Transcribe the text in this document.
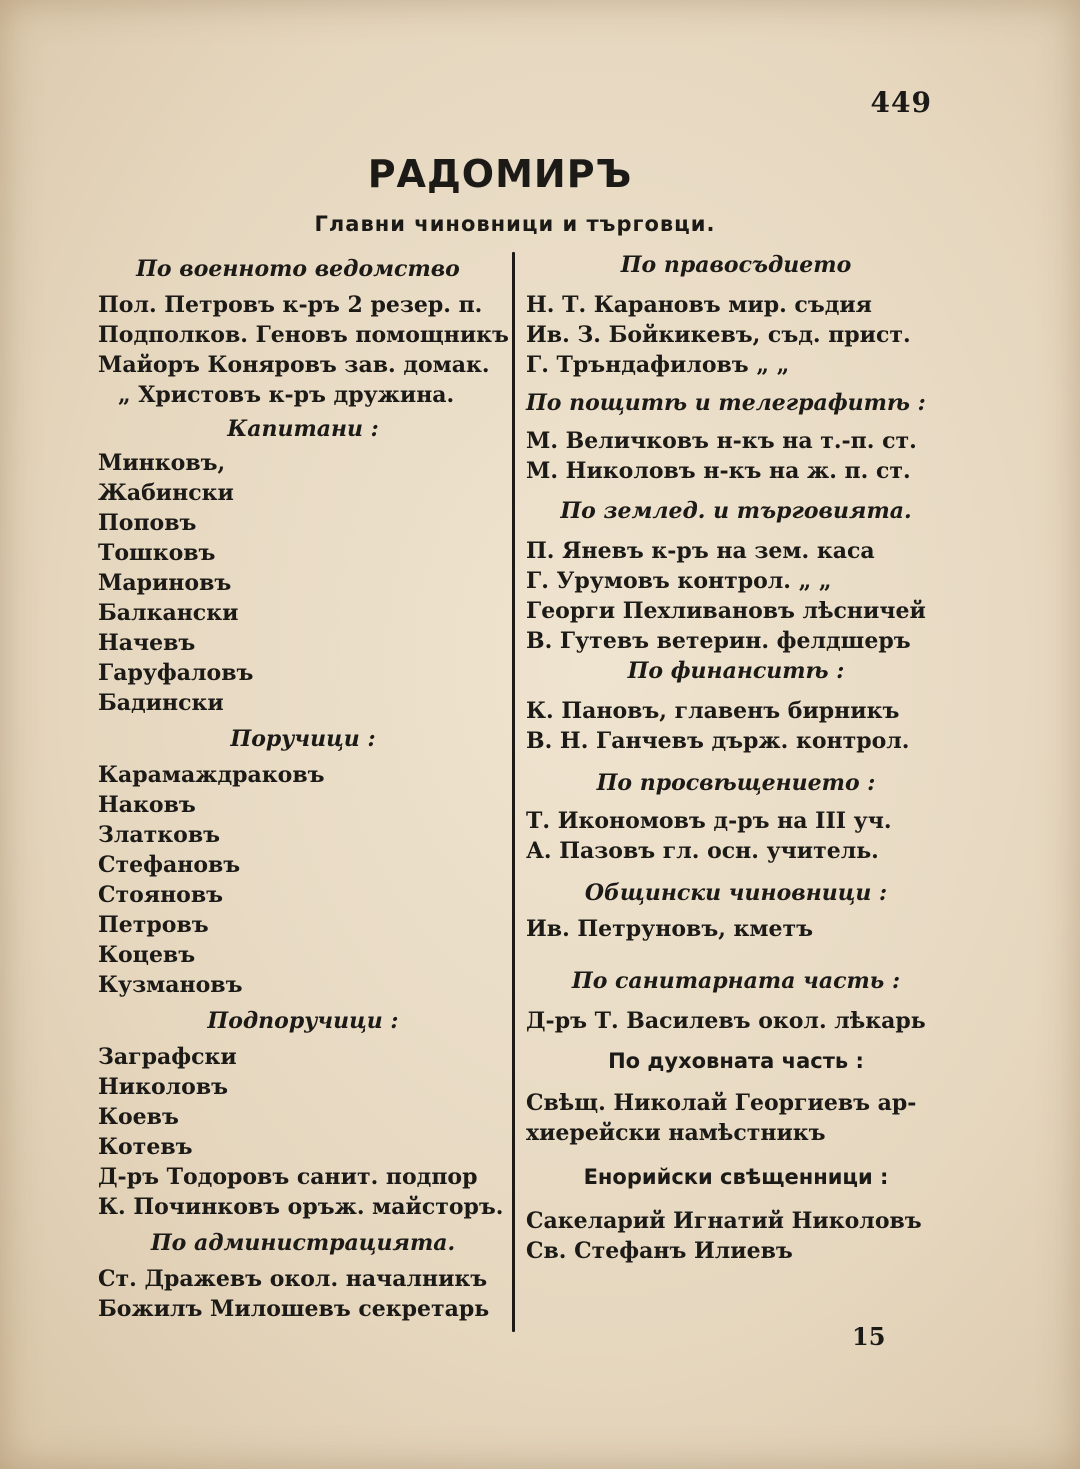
449
РАДОМИРЪ
Главни чиновници и търговци.
По военното ведомство
Пол. Петровъ к-ръ 2 резер. п.
Подполков. Геновъ помощникъ
Майоръ Коняровъ зав. домак.
„ Христовъ к-ръ дружина.
Капитани :
Минковъ,
Жабински
Поповъ
Тошковъ
Мариновъ
Балкански
Начевъ
Гаруфаловъ
Бадински
Поручици :
Карамаждраковъ
Наковъ
Златковъ
Стефановъ
Стояновъ
Петровъ
Коцевъ
Кузмановъ
Подпоручици :
Заграфски
Николовъ
Коевъ
Котевъ
Д-ръ Тодоровъ санит. подпор
К. Починковъ оръж. майсторъ.
По администрацията.
Ст. Дражевъ окол. началникъ
Божилъ Милошевъ секретарь
По правосъдието
Н. Т. Карановъ мир. съдия
Ив. З. Бойкикевъ, съд. прист.
Г. Тръндафиловъ „ „
По пощитѣ и телеграфитѣ :
М. Величковъ н-къ на т.-п. ст.
М. Николовъ н-къ на ж. п. ст.
По землед. и търговията.
П. Яневъ к-ръ на зем. каса
Г. Урумовъ контрол. „ „
Георги Пехливановъ лѣсничей
В. Гутевъ ветерин. фелдшеръ
По финанситѣ :
К. Пановъ, главенъ бирникъ
В. Н. Ганчевъ държ. контрол.
По просвѣщението :
Т. Икономовъ д-ръ на III уч.
А. Пазовъ гл. осн. учитель.
Общински чиновници :
Ив. Петруновъ, кметъ
По санитарната часть :
Д-ръ Т. Василевъ окол. лѣкарь
По духовната часть :
Свѣщ. Николай Георгиевъ ар-
хиерейски намѣстникъ
Енорийски свѣщенници :
Сакеларий Игнатий Николовъ
Св. Стефанъ Илиевъ
15
